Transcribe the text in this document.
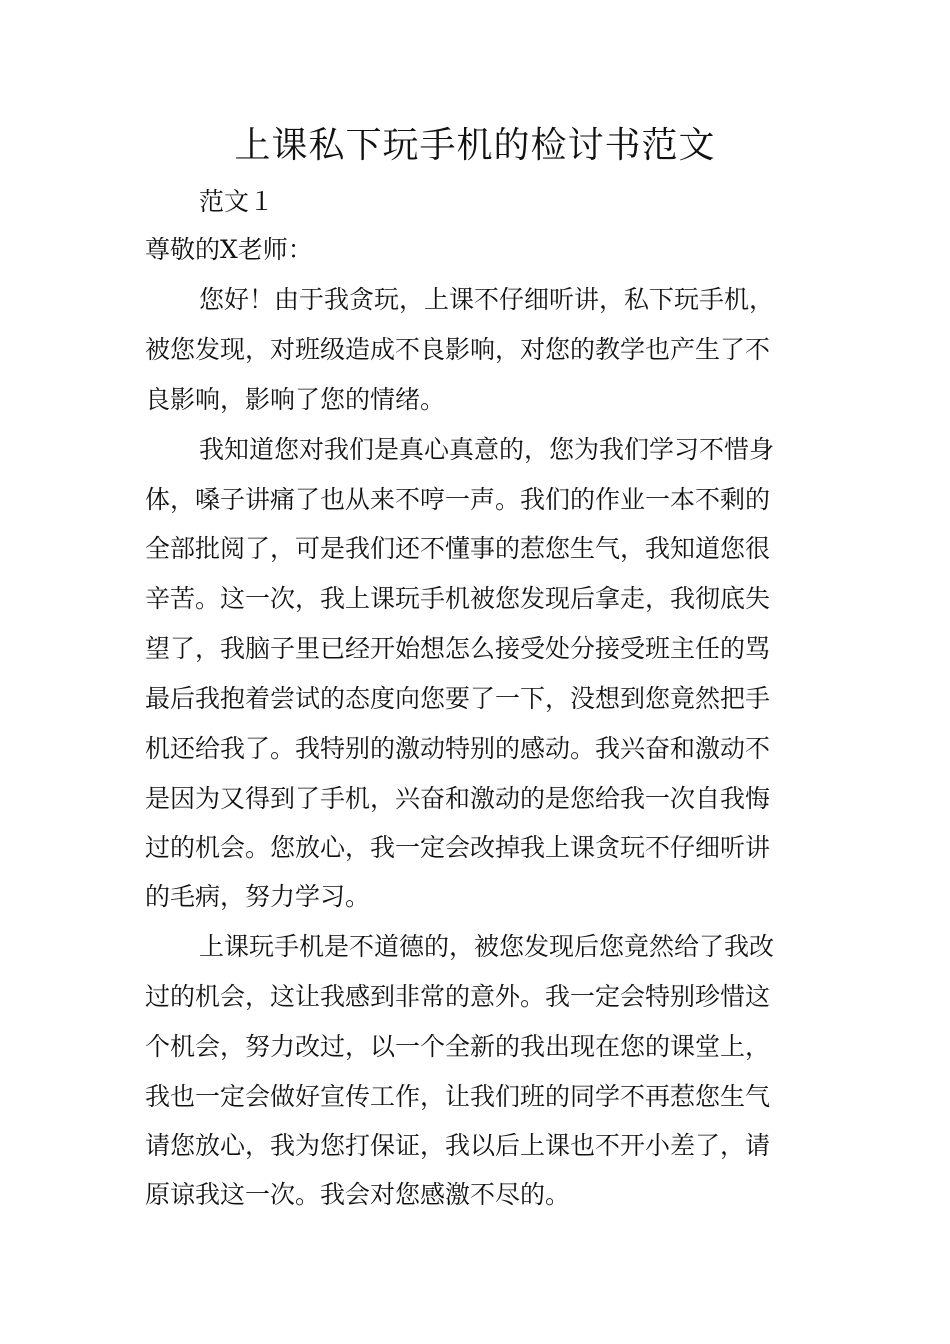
上课私下玩手机的检讨书范文
范文１
尊敬的X老师：
您好！由于我贪玩，上课不仔细听讲，私下玩手机，
被您发现，对班级造成不良影响，对您的教学也产生了不
良影响，影响了您的情绪。
我知道您对我们是真心真意的，您为我们学习不惜身
体，嗓子讲痛了也从来不哼一声。我们的作业一本不剩的
全部批阅了，可是我们还不懂事的惹您生气，我知道您很
辛苦。这一次，我上课玩手机被您发现后拿走，我彻底失
望了，我脑子里已经开始想怎么接受处分接受班主任的骂
最后我抱着尝试的态度向您要了一下，没想到您竟然把手
机还给我了。我特别的激动特别的感动。我兴奋和激动不
是因为又得到了手机，兴奋和激动的是您给我一次自我悔
过的机会。您放心，我一定会改掉我上课贪玩不仔细听讲
的毛病，努力学习。
上课玩手机是不道德的，被您发现后您竟然给了我改
过的机会，这让我感到非常的意外。我一定会特别珍惜这
个机会，努力改过，以一个全新的我出现在您的课堂上，
我也一定会做好宣传工作，让我们班的同学不再惹您生气
请您放心，我为您打保证，我以后上课也不开小差了，请
原谅我这一次。我会对您感激不尽的。
